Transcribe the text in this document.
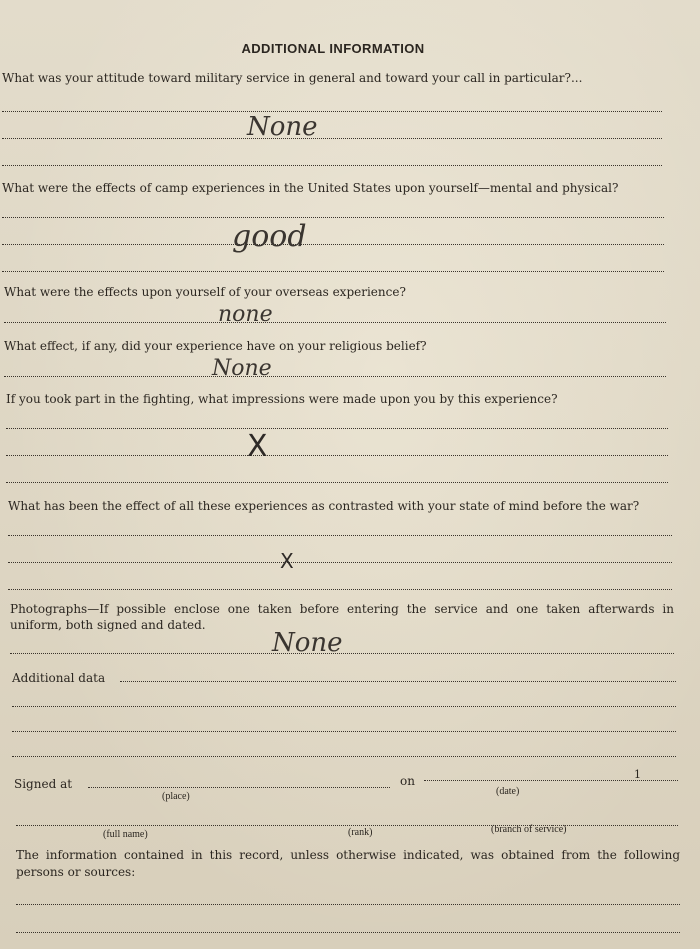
ADDITIONAL INFORMATION
What was your attitude toward military service in general and toward your call in particular?...
None
What were the effects of camp experiences in the United States upon yourself—mental and physical?
good
What were the effects upon yourself of your overseas experience?
none
What effect, if any, did your experience have on your religious belief?
None
If you took part in the fighting, what impressions were made upon you by this experience?
X
What has been the effect of all these experiences as contrasted with your state of mind before the war?
X
Photographs—If possible enclose one taken before entering the service and one taken afterwards in uniform, both signed and dated.
None
Additional data
Signed at
(place)
on
(date)
1
(full name)	(rank)	(branch of service)
The information contained in this record, unless otherwise indicated, was obtained from the following persons or sources:
